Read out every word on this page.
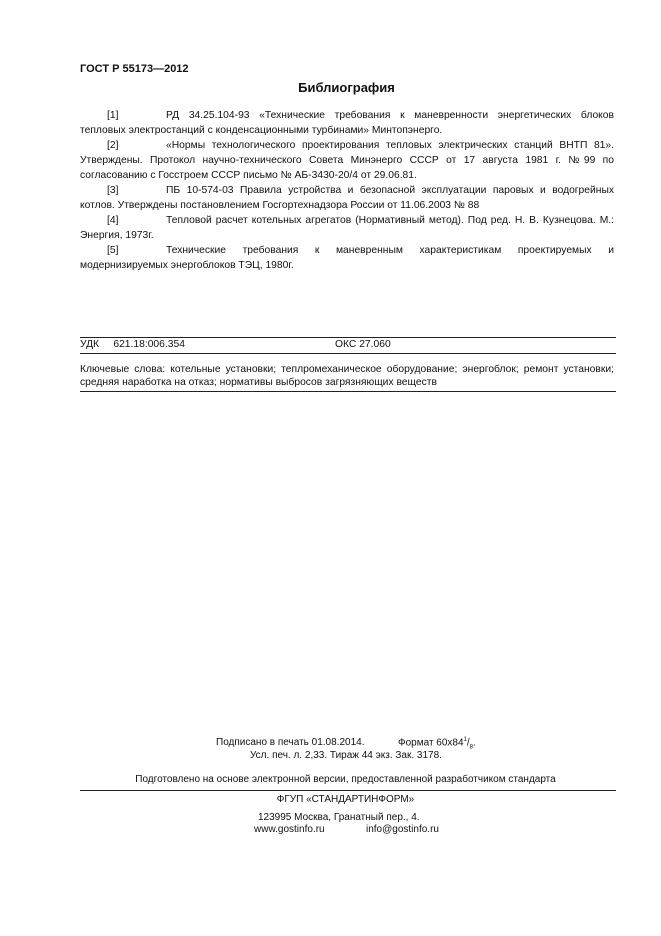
ГОСТ Р 55173—2012
Библиография
[1]	РД 34.25.104-93 «Технические требования к маневренности энергетических блоков тепловых электростанций с конденсационными турбинами» Минтопэнерго.
[2]	«Нормы технологического проектирования тепловых электрических станций ВНТП 81». Утверждены. Протокол научно-технического Совета Минэнерго СССР от 17 августа 1981 г. №99 по согласованию с Госстроем СССР письмо № АБ-3430-20/4 от 29.06.81.
[3]	ПБ 10-574-03 Правила устройства и безопасной эксплуатации паровых и водогрейных котлов. Утверждены постановлением Госгортехнадзора России от 11.06.2003 № 88
[4]	Тепловой расчет котельных агрегатов (Нормативный метод). Под ред. Н. В. Кузнецова. М.: Энергия, 1973г.
[5]	Технические требования к маневренным характеристикам проектируемых и модернизируемых энергоблоков ТЭЦ, 1980г.
УДК     621.18:006.354	ОКС 27.060
Ключевые слова: котельные установки; теплромеханическое оборудование; энергоблок; ремонт установки; средняя наработка на отказ; нормативы выбросов загрязняющих веществ
Подписано в печать 01.08.2014.	Формат $60x84^1/_8$.
Усл. печ. л. 2,33. Тираж 44 экз. Зак. 3178.
Подготовлено на основе электронной версии, предоставленной разработчиком стандарта
ФГУП «СТАНДАРТИНФОРМ»
123995 Москва, Гранатный пер., 4.
www.gostinfo.ru	info@gostinfo.ru
